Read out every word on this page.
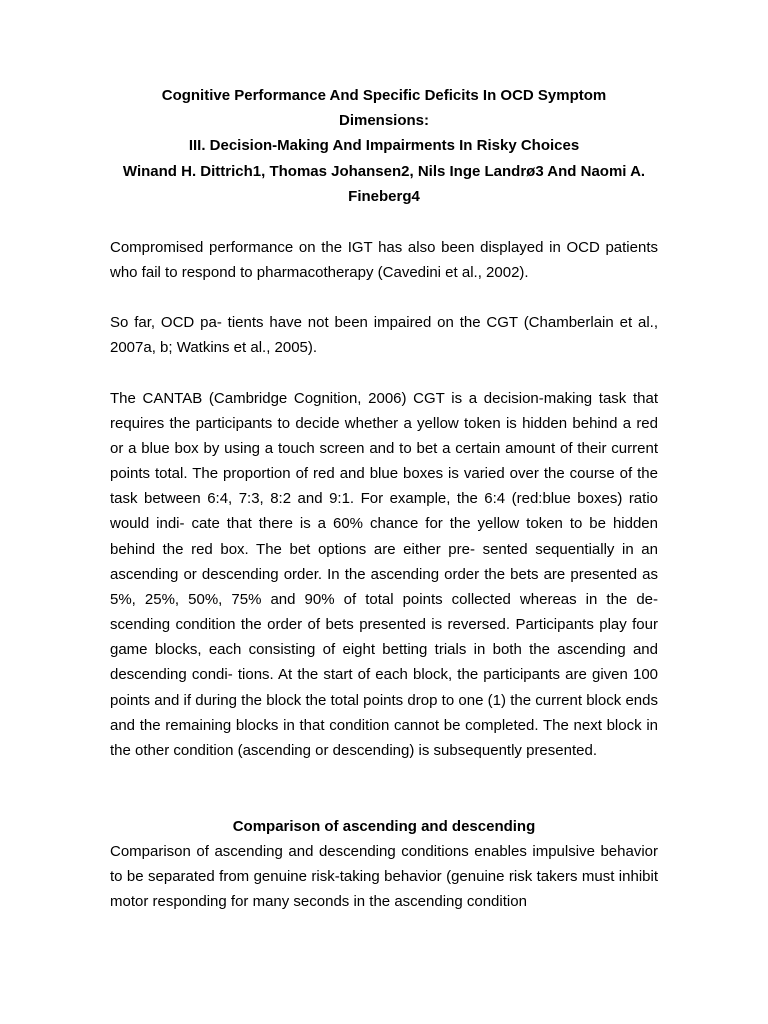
Cognitive Performance And Specific Deficits In OCD Symptom
Dimensions:
III. Decision-Making And Impairments In Risky Choices
Winand H. Dittrich1, Thomas Johansen2, Nils Inge Landrø3 And Naomi A.
Fineberg4

Compromised performance on the IGT has also been displayed in OCD patients who fail to respond to pharmacotherapy (Cavedini et al., 2002).

So far, OCD pa- tients have not been impaired on the CGT (Chamberlain et al., 2007a, b; Watkins et al., 2005).

The CANTAB (Cambridge Cognition, 2006) CGT is a decision-making task that requires the participants to decide whether a yellow token is hidden behind a red or a blue box by using a touch screen and to bet a certain amount of their current points total. The proportion of red and blue boxes is varied over the course of the task between 6:4, 7:3, 8:2 and 9:1. For example, the 6:4 (red:blue boxes) ratio would indi- cate that there is a 60% chance for the yellow token to be hidden behind the red box. The bet options are either pre- sented sequentially in an ascending or descending order. In the ascending order the bets are presented as 5%, 25%, 50%, 75% and 90% of total points collected whereas in the de- scending condition the order of bets presented is reversed. Participants play four game blocks, each consisting of eight betting trials in both the ascending and descending condi- tions. At the start of each block, the participants are given 100 points and if during the block the total points drop to one (1) the current block ends and the remaining blocks in that condition cannot be completed. The next block in the other condition (ascending or descending) is subsequently presented.

Comparison of ascending and descending

Comparison of ascending and descending conditions enables impulsive behavior to be separated from genuine risk-taking behavior (genuine risk takers must inhibit motor responding for many seconds in the ascending condition
